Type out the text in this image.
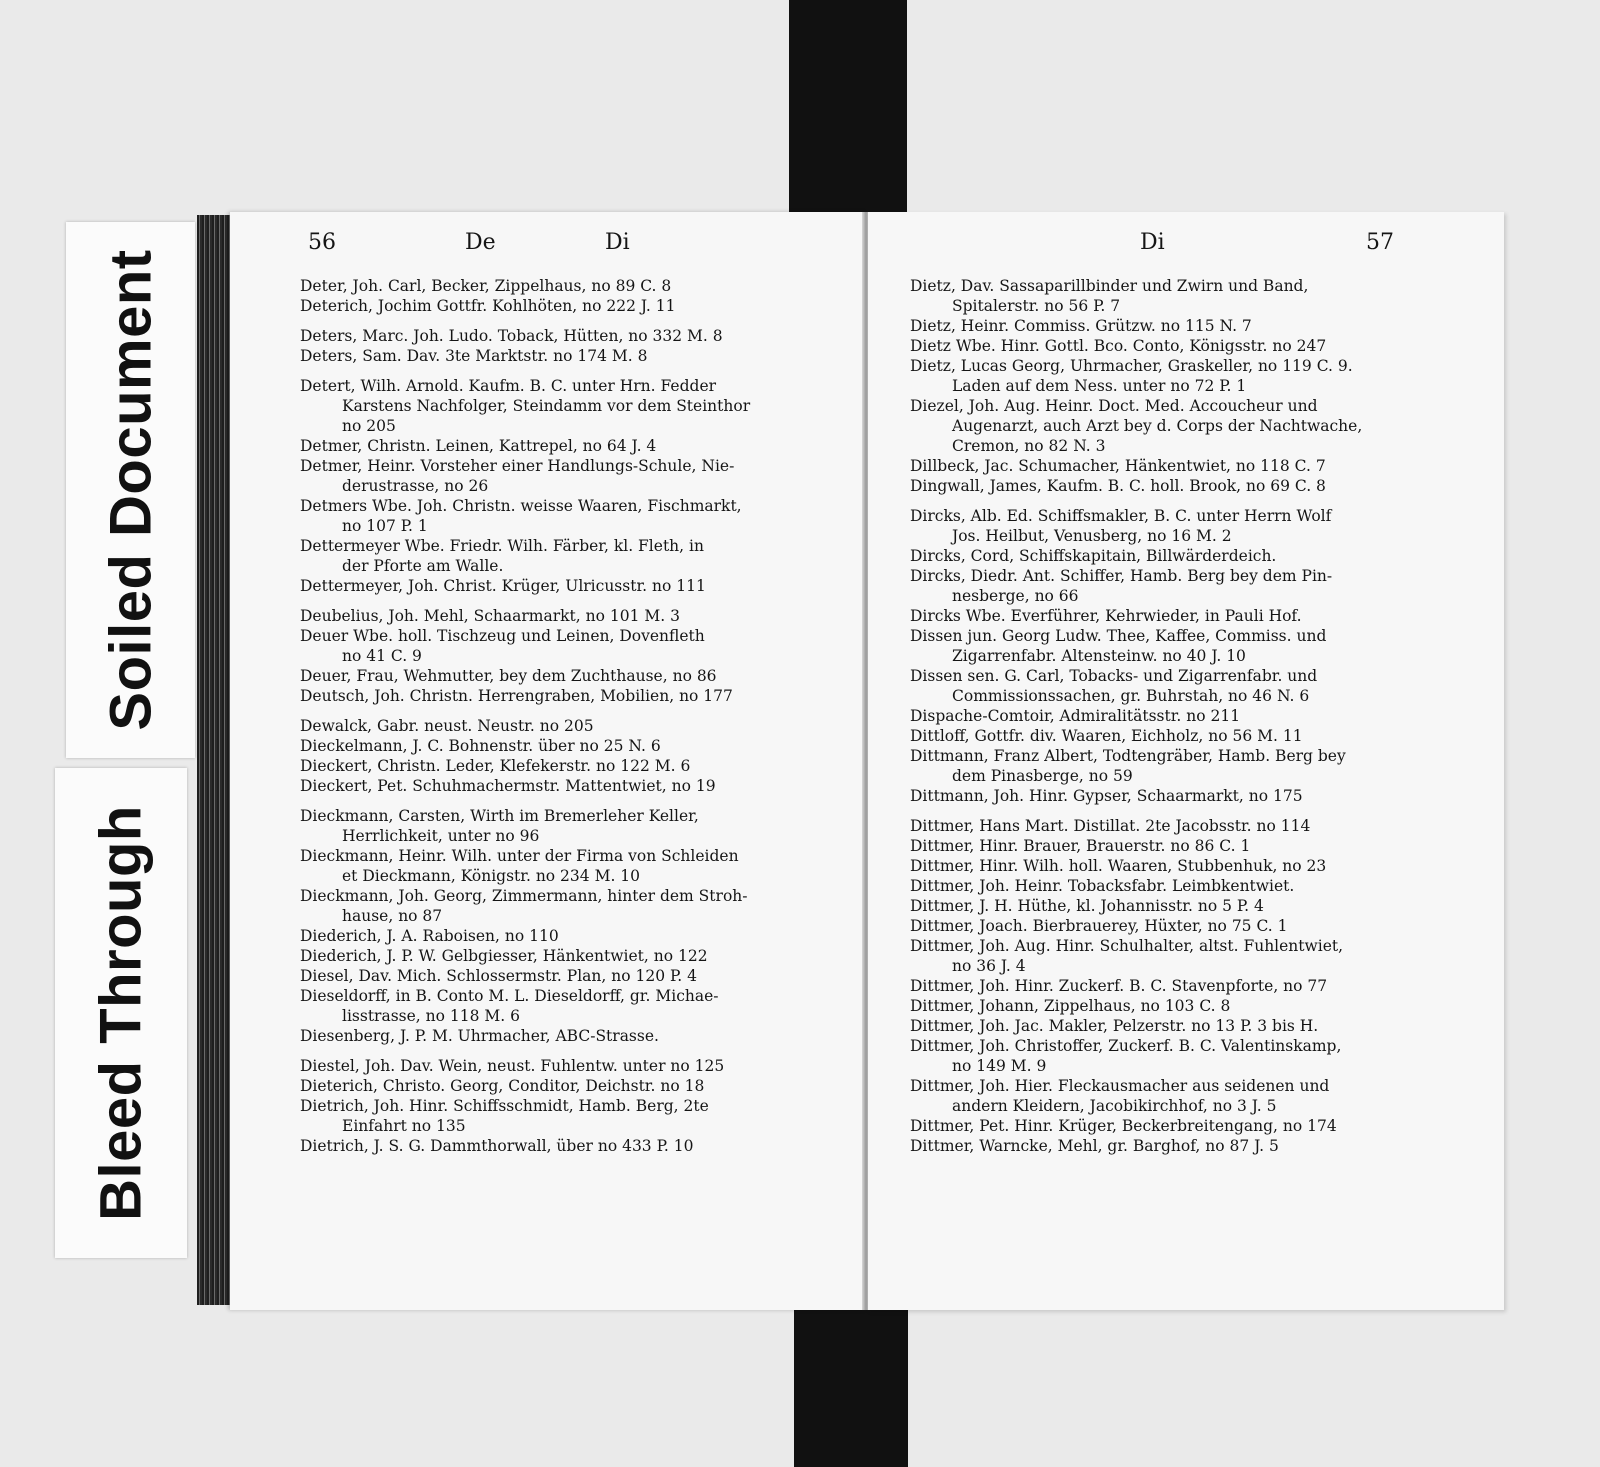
Soiled Document
Bleed Through
56	De	Di
Deter, Joh. Carl, Becker, Zippelhaus, no 89 C. 8
Deterich, Jochim Gottfr. Kohlhöten, no 222 J. 11
Deters, Marc. Joh. Ludo. Toback, Hütten, no 332 M. 8
Deters, Sam. Dav. 3te Marktstr. no 174 M. 8
Detert, Wilh. Arnold. Kaufm. B. C. unter Hrn. Fedder
Karstens Nachfolger, Steindamm vor dem Steinthor
no 205
Detmer, Christn. Leinen, Kattrepel, no 64 J. 4
Detmer, Heinr. Vorsteher einer Handlungs-Schule, Nie-
derustrasse, no 26
Detmers Wbe. Joh. Christn. weisse Waaren, Fischmarkt,
no 107 P. 1
Dettermeyer Wbe. Friedr. Wilh. Färber, kl. Fleth, in
der Pforte am Walle.
Dettermeyer, Joh. Christ. Krüger, Ulricusstr. no 111
Deubelius, Joh. Mehl, Schaarmarkt, no 101 M. 3
Deuer Wbe. holl. Tischzeug und Leinen, Dovenfleth
no 41 C. 9
Deuer, Frau, Wehmutter, bey dem Zuchthause, no 86
Deutsch, Joh. Christn. Herrengraben, Mobilien, no 177
Dewalck, Gabr. neust. Neustr. no 205
Dieckelmann, J. C. Bohnenstr. über no 25 N. 6
Dieckert, Christn. Leder, Klefekerstr. no 122 M. 6
Dieckert, Pet. Schuhmachermstr. Mattentwiet, no 19
Dieckmann, Carsten, Wirth im Bremerleher Keller,
Herrlichkeit, unter no 96
Dieckmann, Heinr. Wilh. unter der Firma von Schleiden
et Dieckmann, Königstr. no 234 M. 10
Dieckmann, Joh. Georg, Zimmermann, hinter dem Stroh-
hause, no 87
Diederich, J. A. Raboisen, no 110
Diederich, J. P. W. Gelbgiesser, Hänkentwiet, no 122
Diesel, Dav. Mich. Schlossermstr. Plan, no 120 P. 4
Dieseldorff, in B. Conto M. L. Dieseldorff, gr. Michae-
lisstrasse, no 118 M. 6
Diesenberg, J. P. M. Uhrmacher, ABC-Strasse.
Diestel, Joh. Dav. Wein, neust. Fuhlentw. unter no 125
Dieterich, Christo. Georg, Conditor, Deichstr. no 18
Dietrich, Joh. Hinr. Schiffsschmidt, Hamb. Berg, 2te
Einfahrt no 135
Dietrich, J. S. G. Dammthorwall, über no 433 P. 10
Di	57
Dietz, Dav. Sassaparillbinder und Zwirn und Band,
Spitalerstr. no 56 P. 7
Dietz, Heinr. Commiss. Grützw. no 115 N. 7
Dietz Wbe. Hinr. Gottl. Bco. Conto, Königsstr. no 247
Dietz, Lucas Georg, Uhrmacher, Graskeller, no 119 C. 9.
Laden auf dem Ness. unter no 72 P. 1
Diezel, Joh. Aug. Heinr. Doct. Med. Accoucheur und
Augenarzt, auch Arzt bey d. Corps der Nachtwache,
Cremon, no 82 N. 3
Dillbeck, Jac. Schumacher, Hänkentwiet, no 118 C. 7
Dingwall, James, Kaufm. B. C. holl. Brook, no 69 C. 8
Dircks, Alb. Ed. Schiffsmakler, B. C. unter Herrn Wolf
Jos. Heilbut, Venusberg, no 16 M. 2
Dircks, Cord, Schiffskapitain, Billwärderdeich.
Dircks, Diedr. Ant. Schiffer, Hamb. Berg bey dem Pin-
nesberge, no 66
Dircks Wbe. Everführer, Kehrwieder, in Pauli Hof.
Dissen jun. Georg Ludw. Thee, Kaffee, Commiss. und
Zigarrenfabr. Altensteinw. no 40 J. 10
Dissen sen. G. Carl, Tobacks- und Zigarrenfabr. und
Commissionssachen, gr. Buhrstah, no 46 N. 6
Dispache-Comtoir, Admiralitätsstr. no 211
Dittloff, Gottfr. div. Waaren, Eichholz, no 56 M. 11
Dittmann, Franz Albert, Todtengräber, Hamb. Berg bey
dem Pinasberge, no 59
Dittmann, Joh. Hinr. Gypser, Schaarmarkt, no 175
Dittmer, Hans Mart. Distillat. 2te Jacobsstr. no 114
Dittmer, Hinr. Brauer, Brauerstr. no 86 C. 1
Dittmer, Hinr. Wilh. holl. Waaren, Stubbenhuk, no 23
Dittmer, Joh. Heinr. Tobacksfabr. Leimbkentwiet.
Dittmer, J. H. Hüthe, kl. Johannisstr. no 5 P. 4
Dittmer, Joach. Bierbrauerey, Hüxter, no 75 C. 1
Dittmer, Joh. Aug. Hinr. Schulhalter, altst. Fuhlentwiet,
no 36 J. 4
Dittmer, Joh. Hinr. Zuckerf. B. C. Stavenpforte, no 77
Dittmer, Johann, Zippelhaus, no 103 C. 8
Dittmer, Joh. Jac. Makler, Pelzerstr. no 13 P. 3 bis H.
Dittmer, Joh. Christoffer, Zuckerf. B. C. Valentinskamp,
no 149 M. 9
Dittmer, Joh. Hier. Fleckausmacher aus seidenen und
andern Kleidern, Jacobikirchhof, no 3 J. 5
Dittmer, Pet. Hinr. Krüger, Beckerbreitengang, no 174
Dittmer, Warncke, Mehl, gr. Barghof, no 87 J. 5
